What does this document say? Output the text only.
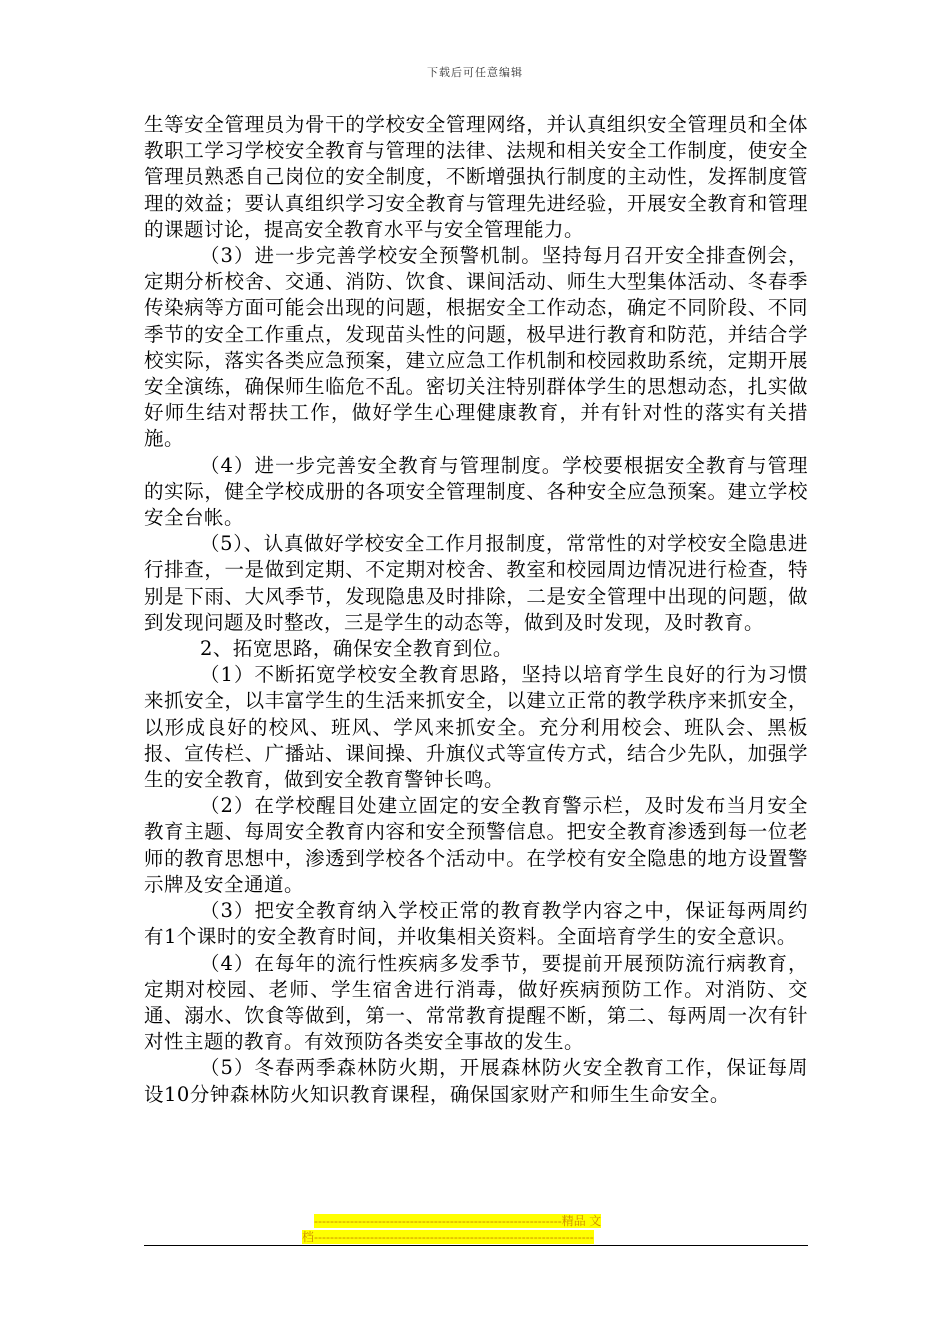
下载后可任意编辑

生等安全管理员为骨干的学校安全管理网络，并认真组织安全管理员和全体教职工学习学校安全教育与管理的法律、法规和相关安全工作制度，使安全管理员熟悉自己岗位的安全制度，不断增强执行制度的主动性，发挥制度管理的效益；要认真组织学习安全教育与管理先进经验，开展安全教育和管理的课题讨论，提高安全教育水平与安全管理能力。

（3）进一步完善学校安全预警机制。坚持每月召开安全排查例会，定期分析校舍、交通、消防、饮食、课间活动、师生大型集体活动、冬春季传染病等方面可能会出现的问题，根据安全工作动态，确定不同阶段、不同季节的安全工作重点，发现苗头性的问题，极早进行教育和防范，并结合学校实际，落实各类应急预案，建立应急工作机制和校园救助系统，定期开展安全演练，确保师生临危不乱。密切关注特别群体学生的思想动态，扎实做好师生结对帮扶工作，做好学生心理健康教育，并有针对性的落实有关措施。

（4）进一步完善安全教育与管理制度。学校要根据安全教育与管理的实际，健全学校成册的各项安全管理制度、各种安全应急预案。建立学校安全台帐。

（5）、认真做好学校安全工作月报制度，常常性的对学校安全隐患进行排查，一是做到定期、不定期对校舍、教室和校园周边情况进行检查，特别是下雨、大风季节，发现隐患及时排除，二是安全管理中出现的问题，做到发现问题及时整改，三是学生的动态等，做到及时发现，及时教育。

2、拓宽思路，确保安全教育到位。

（1）不断拓宽学校安全教育思路，坚持以培育学生良好的行为习惯来抓安全，以丰富学生的生活来抓安全，以建立正常的教学秩序来抓安全，以形成良好的校风、班风、学风来抓安全。充分利用校会、班队会、黑板报、宣传栏、广播站、课间操、升旗仪式等宣传方式，结合少先队，加强学生的安全教育，做到安全教育警钟长鸣。

（2）在学校醒目处建立固定的安全教育警示栏，及时发布当月安全教育主题、每周安全教育内容和安全预警信息。把安全教育渗透到每一位老师的教育思想中，渗透到学校各个活动中。在学校有安全隐患的地方设置警示牌及安全通道。

（3）把安全教育纳入学校正常的教育教学内容之中，保证每两周约有1个课时的安全教育时间，并收集相关资料。全面培育学生的安全意识。

（4）在每年的流行性疾病多发季节，要提前开展预防流行病教育，定期对校园、老师、学生宿舍进行消毒，做好疾病预防工作。对消防、交通、溺水、饮食等做到，第一、常常教育提醒不断，第二、每两周一次有针对性主题的教育。有效预防各类安全事故的发生。

（5）冬春两季森林防火期，开展森林防火安全教育工作，保证每周设10分钟森林防火知识教育课程，确保国家财产和师生生命安全。

--------------------------------------------------------------精品 文
档----------------------------------------------------------------------
